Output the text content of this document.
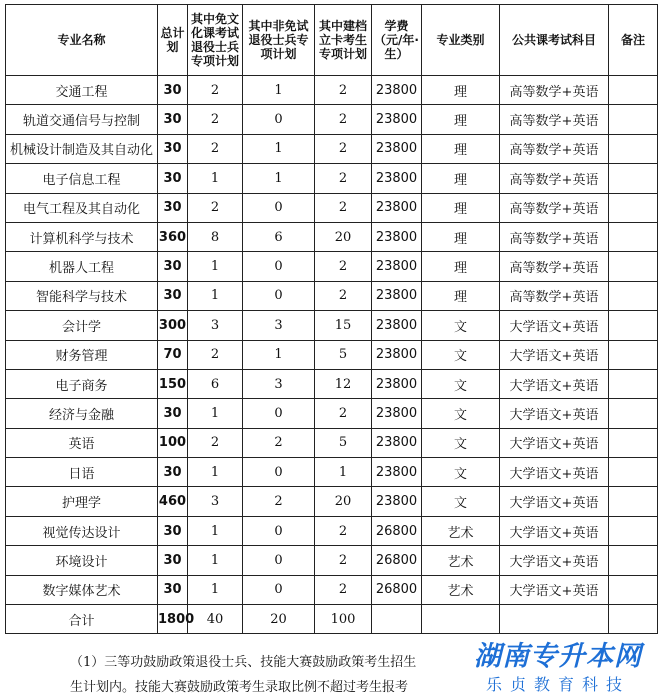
专业名称	总计划	其中免文化课考试退役士兵专项计划	其中非免试退役士兵专项计划	其中建档立卡考生专项计划	学费（元/年·生）	专业类别	公共课考试科目	备注
交通工程	30	2	1	2	23800	理	高等数学+英语	
轨道交通信号与控制	30	2	0	2	23800	理	高等数学+英语	
机械设计制造及其自动化	30	2	1	2	23800	理	高等数学+英语	
电子信息工程	30	1	1	2	23800	理	高等数学+英语	
电气工程及其自动化	30	2	0	2	23800	理	高等数学+英语	
计算机科学与技术	360	8	6	20	23800	理	高等数学+英语	
机器人工程	30	1	0	2	23800	理	高等数学+英语	
智能科学与技术	30	1	0	2	23800	理	高等数学+英语	
会计学	300	3	3	15	23800	文	大学语文+英语	
财务管理	70	2	1	5	23800	文	大学语文+英语	
电子商务	150	6	3	12	23800	文	大学语文+英语	
经济与金融	30	1	0	2	23800	文	大学语文+英语	
英语	100	2	2	5	23800	文	大学语文+英语	
日语	30	1	0	1	23800	文	大学语文+英语	
护理学	460	3	2	20	23800	文	大学语文+英语	
视觉传达设计	30	1	0	2	26800	艺术	大学语文+英语	
环境设计	30	1	0	2	26800	艺术	大学语文+英语	
数字媒体艺术	30	1	0	2	26800	艺术	大学语文+英语	
合计	1800	40	20	100				
（1）三等功鼓励政策退役士兵、技能大赛鼓励政策考生招生
生计划内。技能大赛鼓励政策考生录取比例不超过考生报考
湖南专升本网
乐贞教育科技
